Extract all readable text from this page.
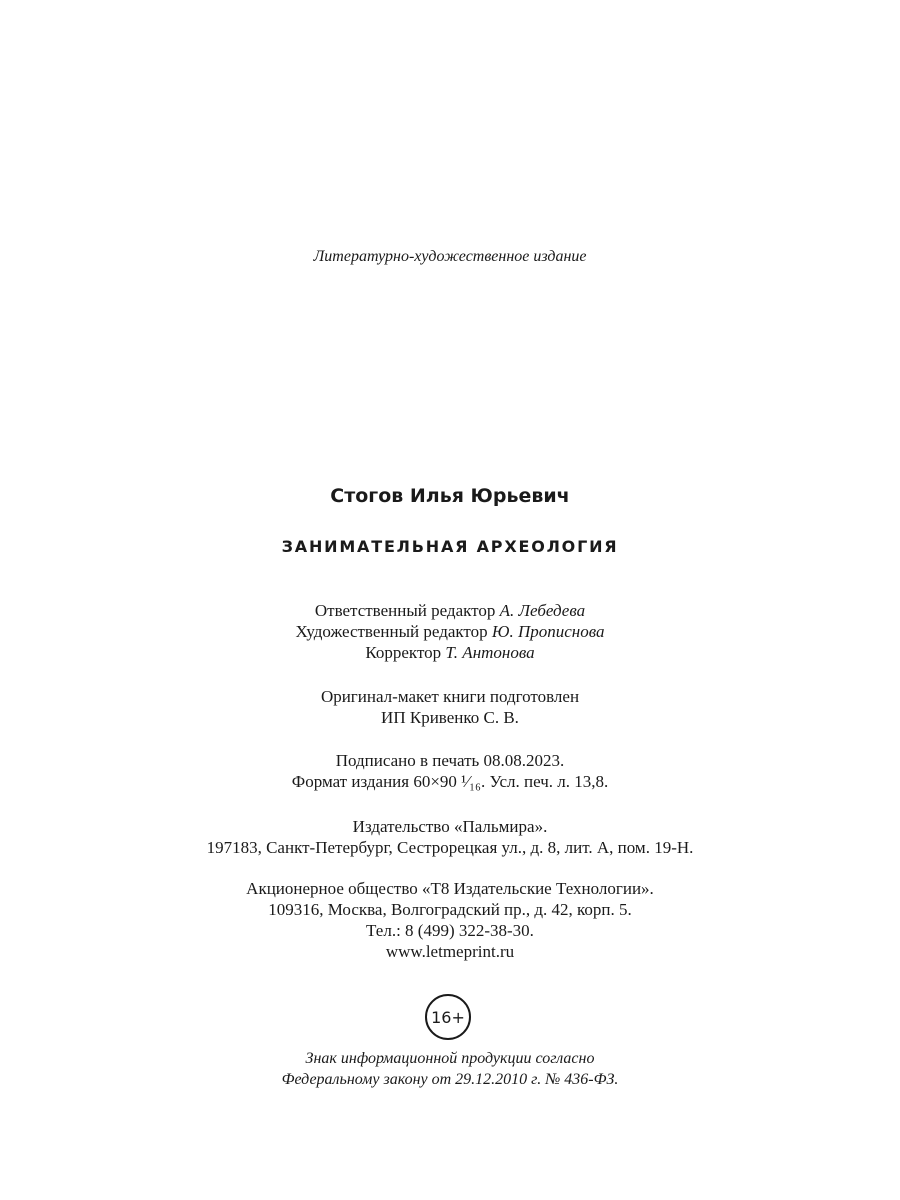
Литературно-художественное издание
Стогов Илья Юрьевич
ЗАНИМАТЕЛЬНАЯ АРХЕОЛОГИЯ
Ответственный редактор А. Лебедева
Художественный редактор Ю. Прописнова
Корректор Т. Антонова
Оригинал-макет книги подготовлен
ИП Кривенко С. В.
Подписано в печать 08.08.2023.
Формат издания 60×90 ¹⁄₁₆. Усл. печ. л. 13,8.
Издательство «Пальмира».
197183, Санкт-Петербург, Сестрорецкая ул., д. 8, лит. А, пом. 19-Н.
Акционерное общество «Т8 Издательские Технологии».
109316, Москва, Волгоградский пр., д. 42, корп. 5.
Тел.: 8 (499) 322-38-30.
www.letmeprint.ru
16+
Знак информационной продукции согласно
Федеральному закону от 29.12.2010 г. № 436-ФЗ.
